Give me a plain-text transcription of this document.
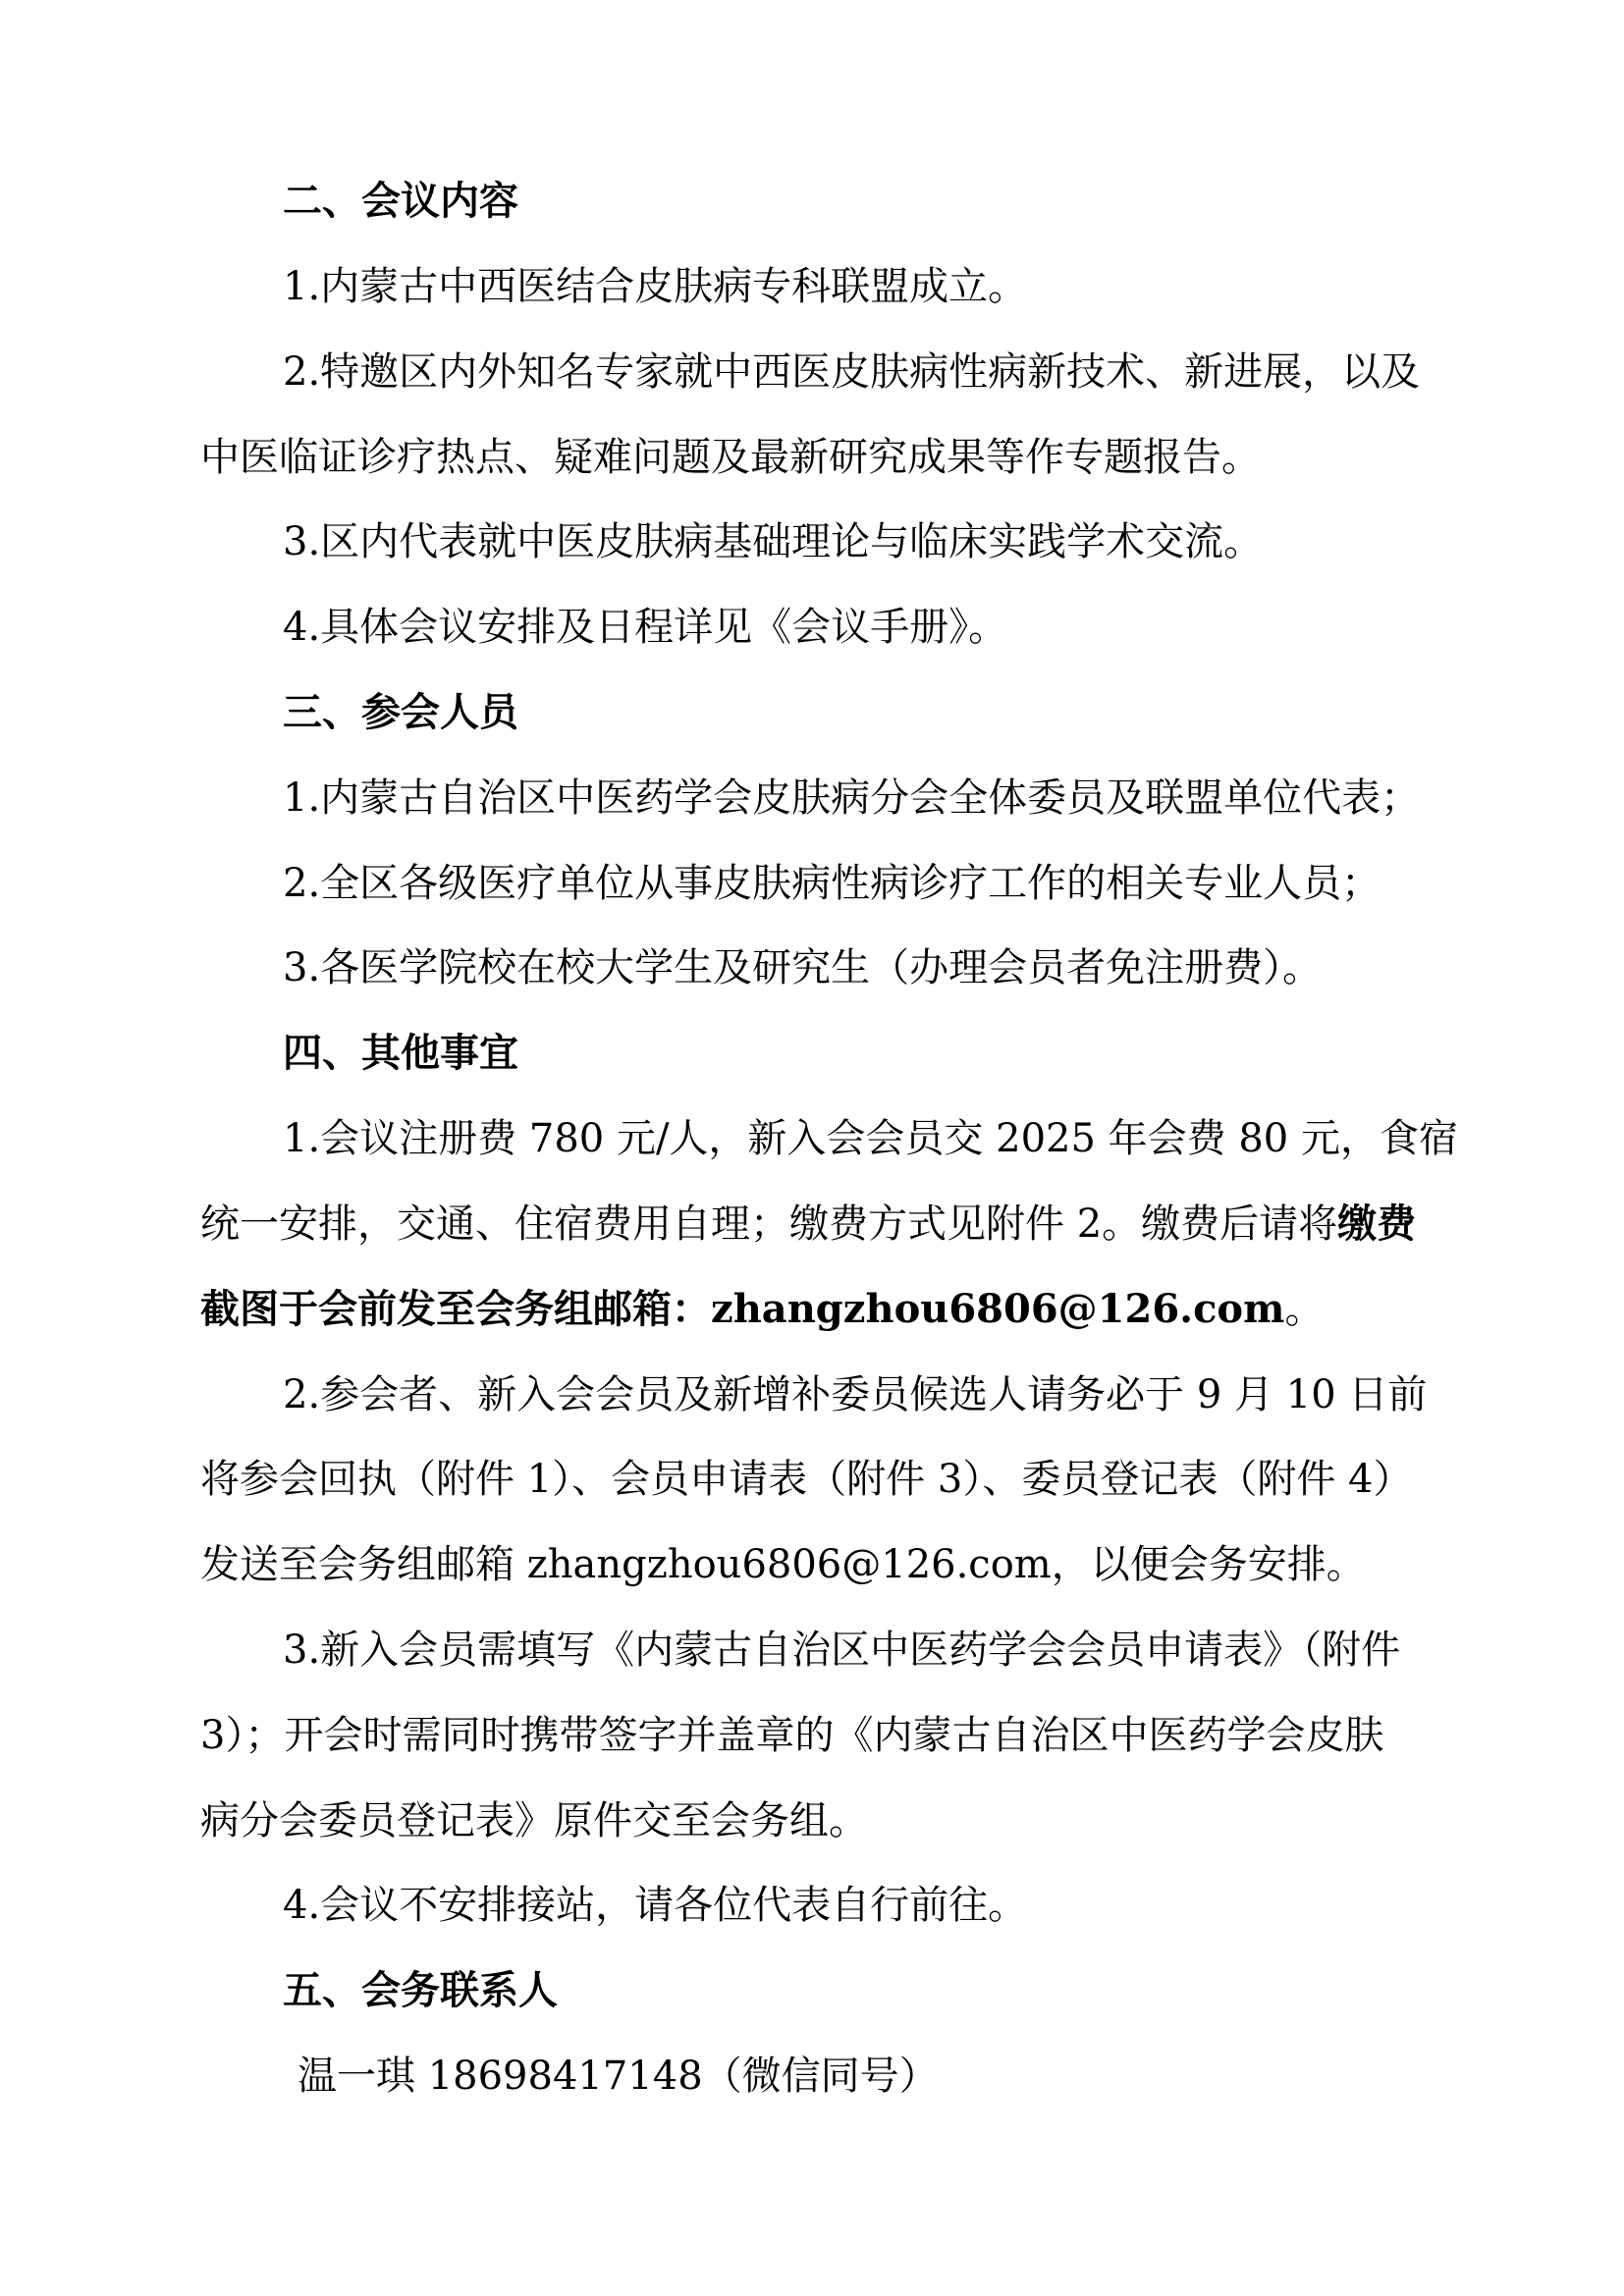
二、会议内容
1.内蒙古中西医结合皮肤病专科联盟成立。
2.特邀区内外知名专家就中西医皮肤病性病新技术、新进展，以及
中医临证诊疗热点、疑难问题及最新研究成果等作专题报告。
3.区内代表就中医皮肤病基础理论与临床实践学术交流。
4.具体会议安排及日程详见《会议手册》。
三、参会人员
1.内蒙古自治区中医药学会皮肤病分会全体委员及联盟单位代表；
2.全区各级医疗单位从事皮肤病性病诊疗工作的相关专业人员；
3.各医学院校在校大学生及研究生（办理会员者免注册费）。
四、其他事宜
1.会议注册费 780 元/人，新入会会员交 2025 年会费 80 元，食宿
统一安排，交通、住宿费用自理；缴费方式见附件 2。缴费后请将缴费
截图于会前发至会务组邮箱：zhangzhou6806@126.com。
2.参会者、新入会会员及新增补委员候选人请务必于 9 月 10 日前
将参会回执（附件 1）、会员申请表（附件 3）、委员登记表（附件 4）
发送至会务组邮箱 zhangzhou6806@126.com，以便会务安排。
3.新入会员需填写《内蒙古自治区中医药学会会员申请表》（附件
3）；开会时需同时携带签字并盖章的《内蒙古自治区中医药学会皮肤
病分会委员登记表》原件交至会务组。
4.会议不安排接站，请各位代表自行前往。
五、会务联系人
温一琪 18698417148（微信同号）
